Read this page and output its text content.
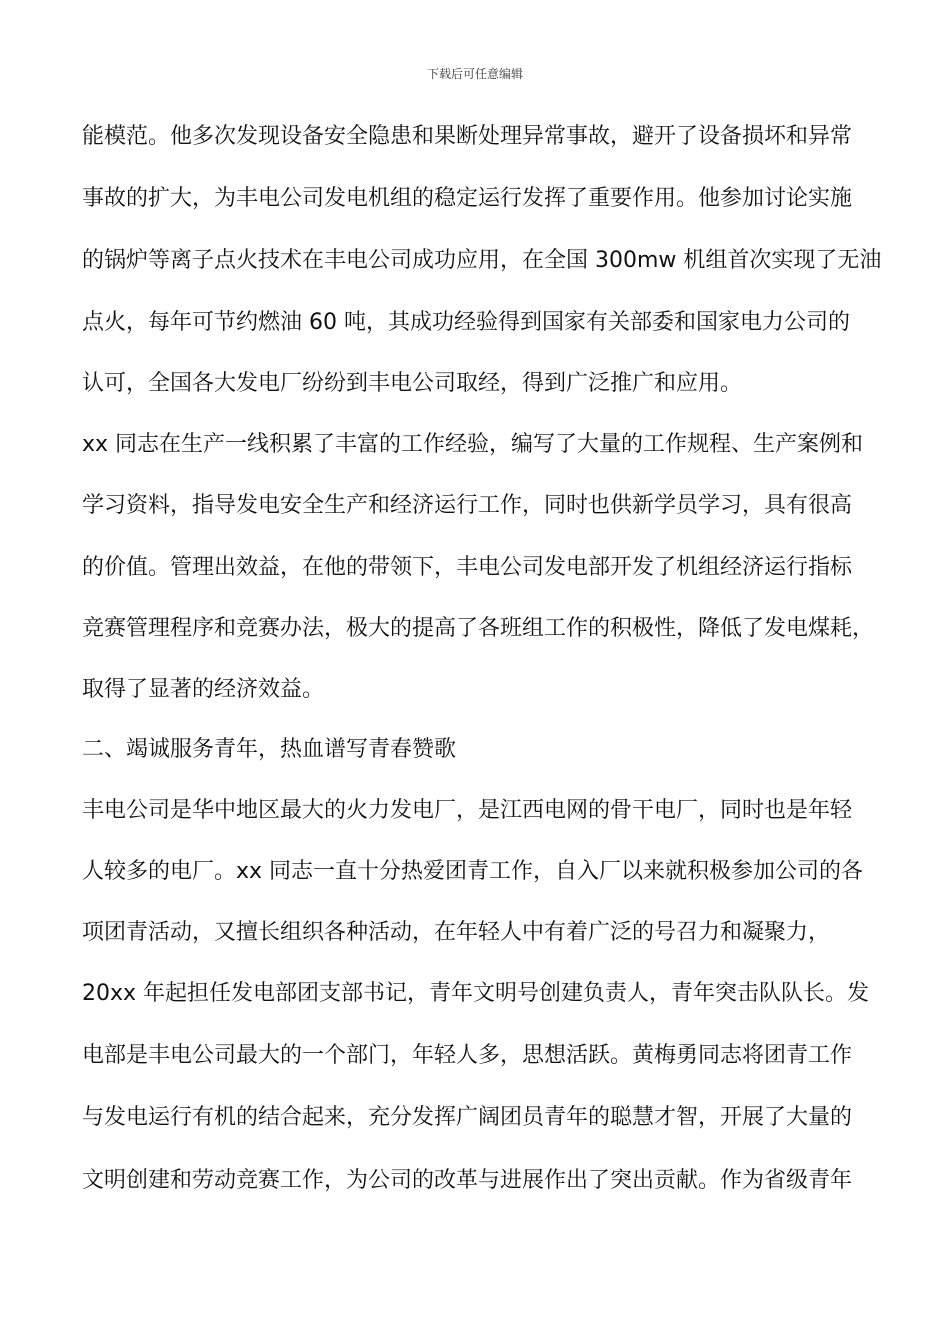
下载后可任意编辑
能模范。他多次发现设备安全隐患和果断处理异常事故，避开了设备损坏和异常
事故的扩大，为丰电公司发电机组的稳定运行发挥了重要作用。他参加讨论实施
的锅炉等离子点火技术在丰电公司成功应用，在全国 300mw 机组首次实现了无油
点火，每年可节约燃油 60 吨，其成功经验得到国家有关部委和国家电力公司的
认可，全国各大发电厂纷纷到丰电公司取经，得到广泛推广和应用。
xx 同志在生产一线积累了丰富的工作经验，编写了大量的工作规程、生产案例和
学习资料，指导发电安全生产和经济运行工作，同时也供新学员学习，具有很高
的价值。管理出效益，在他的带领下，丰电公司发电部开发了机组经济运行指标
竞赛管理程序和竞赛办法，极大的提高了各班组工作的积极性，降低了发电煤耗，
取得了显著的经济效益。
二、竭诚服务青年，热血谱写青春赞歌
丰电公司是华中地区最大的火力发电厂，是江西电网的骨干电厂，同时也是年轻
人较多的电厂。xx 同志一直十分热爱团青工作，自入厂以来就积极参加公司的各
项团青活动，又擅长组织各种活动，在年轻人中有着广泛的号召力和凝聚力，
20xx 年起担任发电部团支部书记，青年文明号创建负责人，青年突击队队长。发
电部是丰电公司最大的一个部门，年轻人多，思想活跃。黄梅勇同志将团青工作
与发电运行有机的结合起来，充分发挥广阔团员青年的聪慧才智，开展了大量的
文明创建和劳动竞赛工作，为公司的改革与进展作出了突出贡献。作为省级青年
